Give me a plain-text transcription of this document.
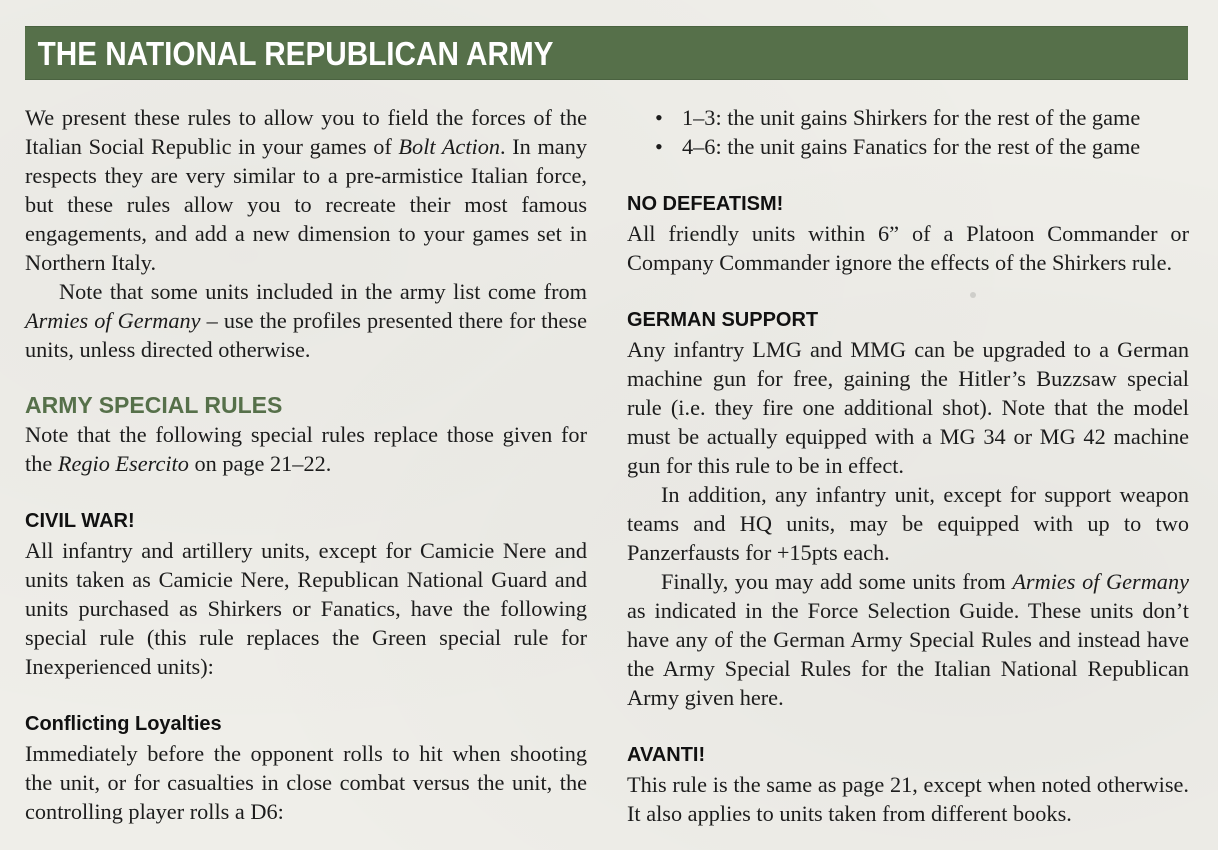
THE NATIONAL REPUBLICAN ARMY

We present these rules to allow you to field the forces of the Italian Social Republic in your games of Bolt Action. In many respects they are very similar to a pre-armistice Italian force, but these rules allow you to recreate their most famous engagements, and add a new dimension to your games set in Northern Italy.

Note that some units included in the army list come from Armies of Germany – use the profiles presented there for these units, unless directed otherwise.

ARMY SPECIAL RULES

Note that the following special rules replace those given for the Regio Esercito on page 21–22.

CIVIL WAR!

All infantry and artillery units, except for Camicie Nere and units taken as Camicie Nere, Republican National Guard and units purchased as Shirkers or Fanatics, have the following special rule (this rule replaces the Green special rule for Inexperienced units):

Conflicting Loyalties

Immediately before the opponent rolls to hit when shooting the unit, or for casualties in close combat versus the unit, the controlling player rolls a D6:

• 1–3: the unit gains Shirkers for the rest of the game
• 4–6: the unit gains Fanatics for the rest of the game
NO DEFEATISM!

All friendly units within 6” of a Platoon Commander or Company Commander ignore the effects of the Shirkers rule.

GERMAN SUPPORT

Any infantry LMG and MMG can be upgraded to a German machine gun for free, gaining the Hitler’s Buzzsaw special rule (i.e. they fire one additional shot). Note that the model must be actually equipped with a MG 34 or MG 42 machine gun for this rule to be in effect.

In addition, any infantry unit, except for support weapon teams and HQ units, may be equipped with up to two Panzerfausts for +15pts each.

Finally, you may add some units from Armies of Germany as indicated in the Force Selection Guide. These units don’t have any of the German Army Special Rules and instead have the Army Special Rules for the Italian National Republican Army given here.

AVANTI!

This rule is the same as page 21, except when noted otherwise. It also applies to units taken from different books.
